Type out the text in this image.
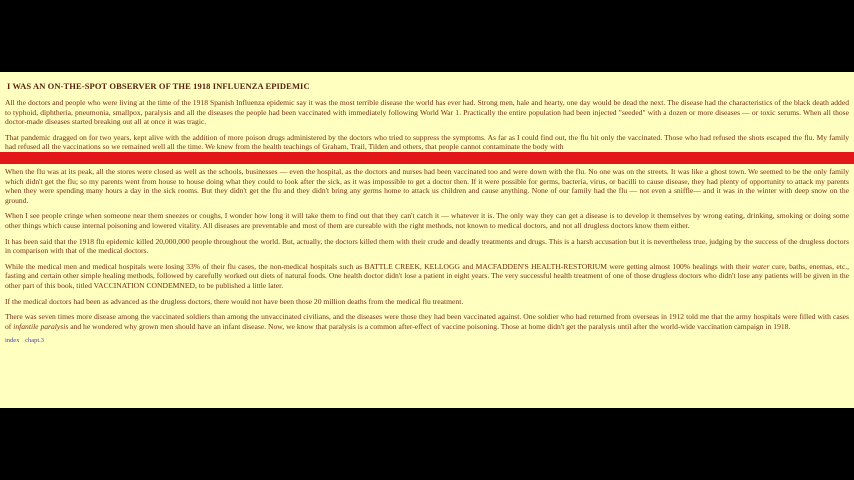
I WAS AN ON-THE-SPOT OBSERVER OF THE 1918 INFLUENZA EPIDEMIC

All the doctors and people who were living at the time of the 1918 Spanish Influenza epidemic say it was the most terrible disease the world has ever had. Strong men, hale and hearty, one day would be dead the next. The disease had the characteristics of the black death added to typhoid, diphtheria, pneumonia, smallpox, paralysis and all the diseases the people had been vaccinated with immediately following World War 1. Practically the entire population had been injected "seeded" with a dozen or more diseases — or toxic serums. When all those doctor-made diseases started breaking out all at once it was tragic.

That pandemic dragged on for two years, kept alive with the addition of more poison drugs administered by the doctors who tried to suppress the symptoms. As far as I could find out, the flu hit only the vaccinated. Those who had refused the shots escaped the flu. My family had refused all the vaccinations so we remained well all the time. We knew from the health teachings of Graham, Trail, Tilden and others, that people cannot contaminate the body with

When the flu was at its peak, all the stores were closed as well as the schools, businesses — even the hospital, as the doctors and nurses had been vaccinated too and were down with the flu. No one was on the streets. It was like a ghost town. We seemed to be the only family which didn't get the flu; so my parents went from house to house doing what they could to look after the sick, as it was impossible to get a doctor then. If it were possible for germs, bacteria, virus, or bacilli to cause disease, they had plenty of opportunity to attack my parents when they were spending many hours a day in the sick rooms. But they didn't get the flu and they didn't bring any germs home to attack us children and cause anything. None of our family had the flu — not even a sniffle— and it was in the winter with deep snow on the ground.

When I see people cringe when someone near them sneezes or coughs, I wonder how long it will take them to find out that they can't catch it — whatever it is. The only way they can get a disease is to develop it themselves by wrong eating, drinking, smoking or doing some other things which cause internal poisoning and lowered vitality. All diseases are preventable and most of them are cureable with the right methods, not known to medical doctors, and not all drugless doctors know them either.

It has been said that the 1918 flu epidemic killed 20,000,000 people throughout the world. But, actually, the doctors killed them with their crude and deadly treatments and drugs. This is a harsh accusation but it is nevertheless true, judging by the success of the drugless doctors in comparison with that of the medical doctors.

While the medical men and medical hospitals were losing 33% of their flu cases, the non-medical hospitals such as BATTLE CREEK, KELLOGG and MACFADDEN'S HEALTH-RESTORIUM were getting almost 100% healings with their water cure, baths, enemas, etc., fasting and certain other simple healing methods, followed by carefully worked out diets of natural foods. One health doctor didn't lose a patient in eight years. The very successful health treatment of one of those drugless doctors who didn't lose any patients will be given in the other part of this book, titled VACCINATION CONDEMNED, to be published a little later.

If the medical doctors had been as advanced as the drugless doctors, there would not have been those 20 million deaths from the medical flu treatment.

There was seven times more disease among the vaccinated soldiers than among the unvaccinated civilians, and the diseases were those they had been vaccinated against. One soldier who had returned from overseas in 1912 told me that the army hospitals were filled with cases of infantile paralysis and he wondered why grown men should have an infant disease. Now, we know that paralysis is a common after-effect of vaccine poisoning. Those at home didn't get the paralysis until after the world-wide vaccination campaign in 1918.

index chapt.3
